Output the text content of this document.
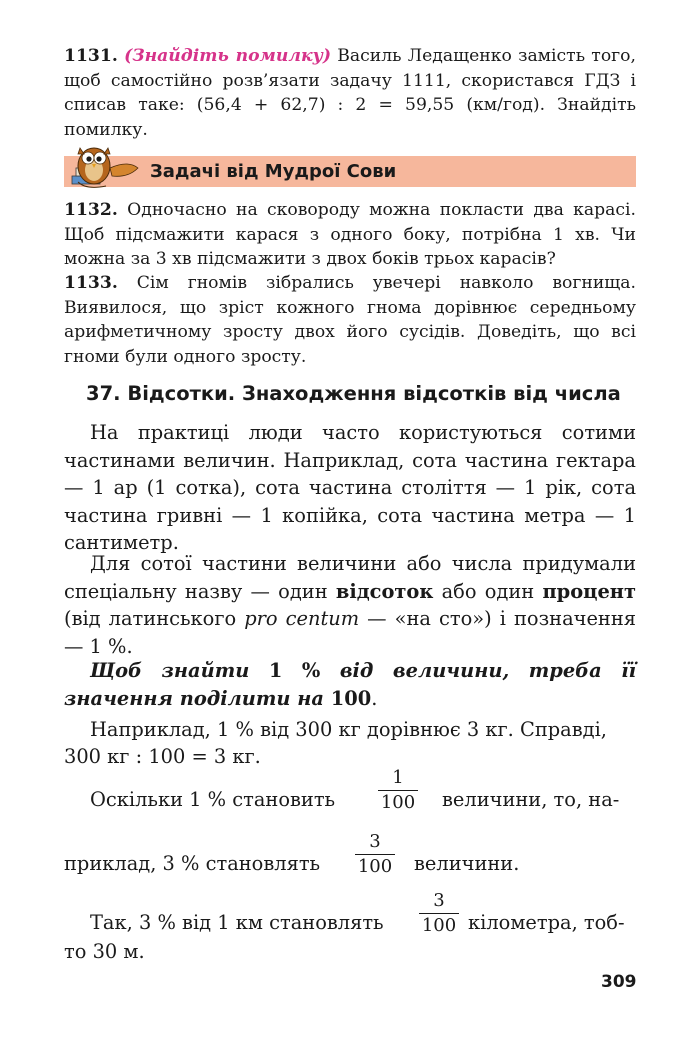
1131. (Знайдіть помилку) Василь Ледащенко замість того, щоб самостійно розв’язати задачу 1111, скористався ГДЗ і списав таке: (56,4 + 62,7) : 2 = 59,55 (км/год). Знайдіть помилку.
Задачі від Мудрої Сови
1132. Одночасно на сковороду можна покласти два карасі. Щоб підсмажити карася з одного боку, потрібна 1 хв. Чи можна за 3 хв підсмажити з двох боків трьох карасів?
1133. Сім гномів зібрались увечері навколо вогнища. Виявилося, що зріст кожного гнома дорівнює середньому арифметичному зросту двох його сусідів. Доведіть, що всі гноми були одного зросту.
37. Відсотки. Знаходження відсотків від числа
На практиці люди часто користуються сотими частинами величин. Наприклад, сота частина гектара — 1 ар (1 сотка), сота частина століття — 1 рік, сота частина гривні — 1 копійка, сота частина метра — 1 сантиметр.
Для сотої частини величини або числа придумали спеціальну назву — один відсоток або один процент (від латинського pro centum — «на сто») і позначення — 1 %.
Щоб знайти 1 % від величини, треба її значення поділити на 100.
Наприклад, 1 % від 300 кг дорівнює 3 кг. Справді,
300 кг : 100 = 3 кг.
Оскільки 1 % становить
1
100	величини, то, на-
приклад, 3 % становлять
3
100	величини.
Так, 3 % від 1 км становлять
3
100 кілометра, тоб-
то 30 м.
309
